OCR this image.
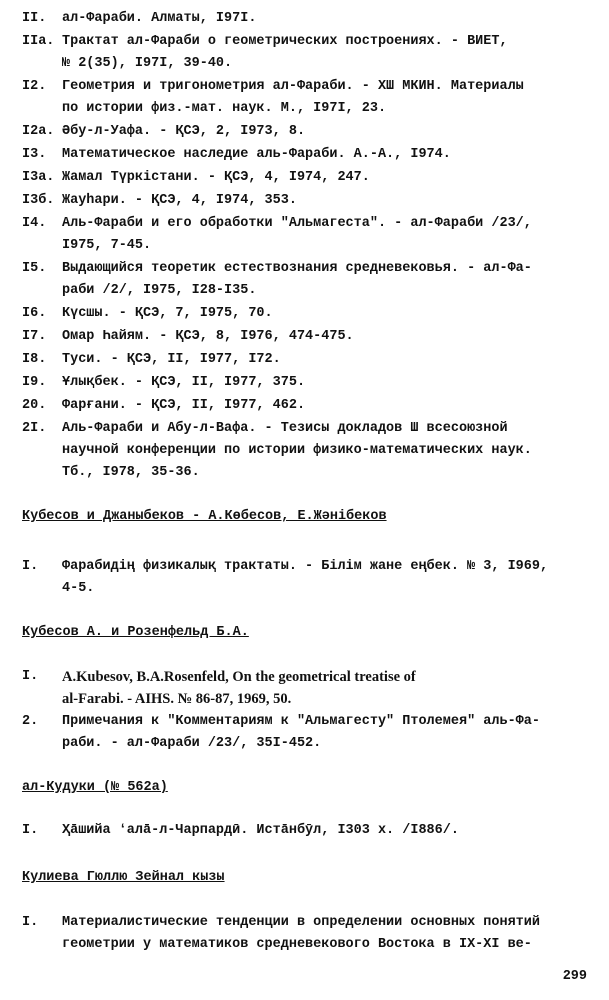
II.	ал-Фараби. Алматы, I97I.
IIa. Трактат ал-Фараби о геометрических построениях. - ВИЕТ,
№ 2(35), I97I, 39-40.
I2.	Геометрия и тригонометрия ал-Фараби. - ХШ МКИН. Материалы
по истории физ.-мат. наук. М., I97I, 23.
I2a. Әбу-л-Уафа. - ҚСЭ, 2, I973, 8.
I3.	Математическое наследие аль-Фараби. А.-А., I974.
I3a. Жамал Түркістани. - ҚСЭ, 4, I974, 247.
I3б. Жауһари. - ҚСЭ, 4, I974, 353.
I4.	Аль-Фараби и его обработки "Альмагеста". - ал-Фараби /23/,
I975, 7-45.
I5.	Выдающийся теоретик естествознания средневековья. - ал-Фа-
раби /2/, I975, I28-I35.
I6.	Күсшы. - ҚСЭ, 7, I975, 70.
I7.	Омар Һайям. - ҚСЭ, 8, I976, 474-475.
I8.	Туси. - ҚСЭ, II, I977, I72.
I9.	Ұлықбек. - ҚСЭ, II, I977, 375.
20.	Фарғани. - ҚСЭ, II, I977, 462.
2I.	Аль-Фараби и Абу-л-Вафа. - Тезисы докладов Ш всесоюзной
научной конференции по истории физико-математических наук.
Тб., I978, 35-36.
Кубесов и Джаныбеков - А.Көбесов, Е.Жәнібеков
I.	Фарабидің физикалық трактаты. - Білім жане еңбек. № 3, I969,
4-5.
Кубесов А. и Розенфельд Б.А.
I.	A.Kubesov, B.A.Rosenfeld, On the geometrical treatise of
al-Farabi. - AIHS. № 86-87, 1969, 50.
2.	Примечания к "Комментариям к "Альмагесту" Птолемея" аль-Фа-
раби. - ал-Фараби /23/, 35I-452.
ал-Кудуки (№ 562а)
I.	Ҳāшийа ʻалā-л-Чарпардӣ. Истāнбӯл, I303 х. /I886/.
Кулиева Гюллю Зейнал кызы
I.	Материалистические тенденции в определении основных понятий
геометрии у математиков средневекового Востока в IX-XI ве-
299
